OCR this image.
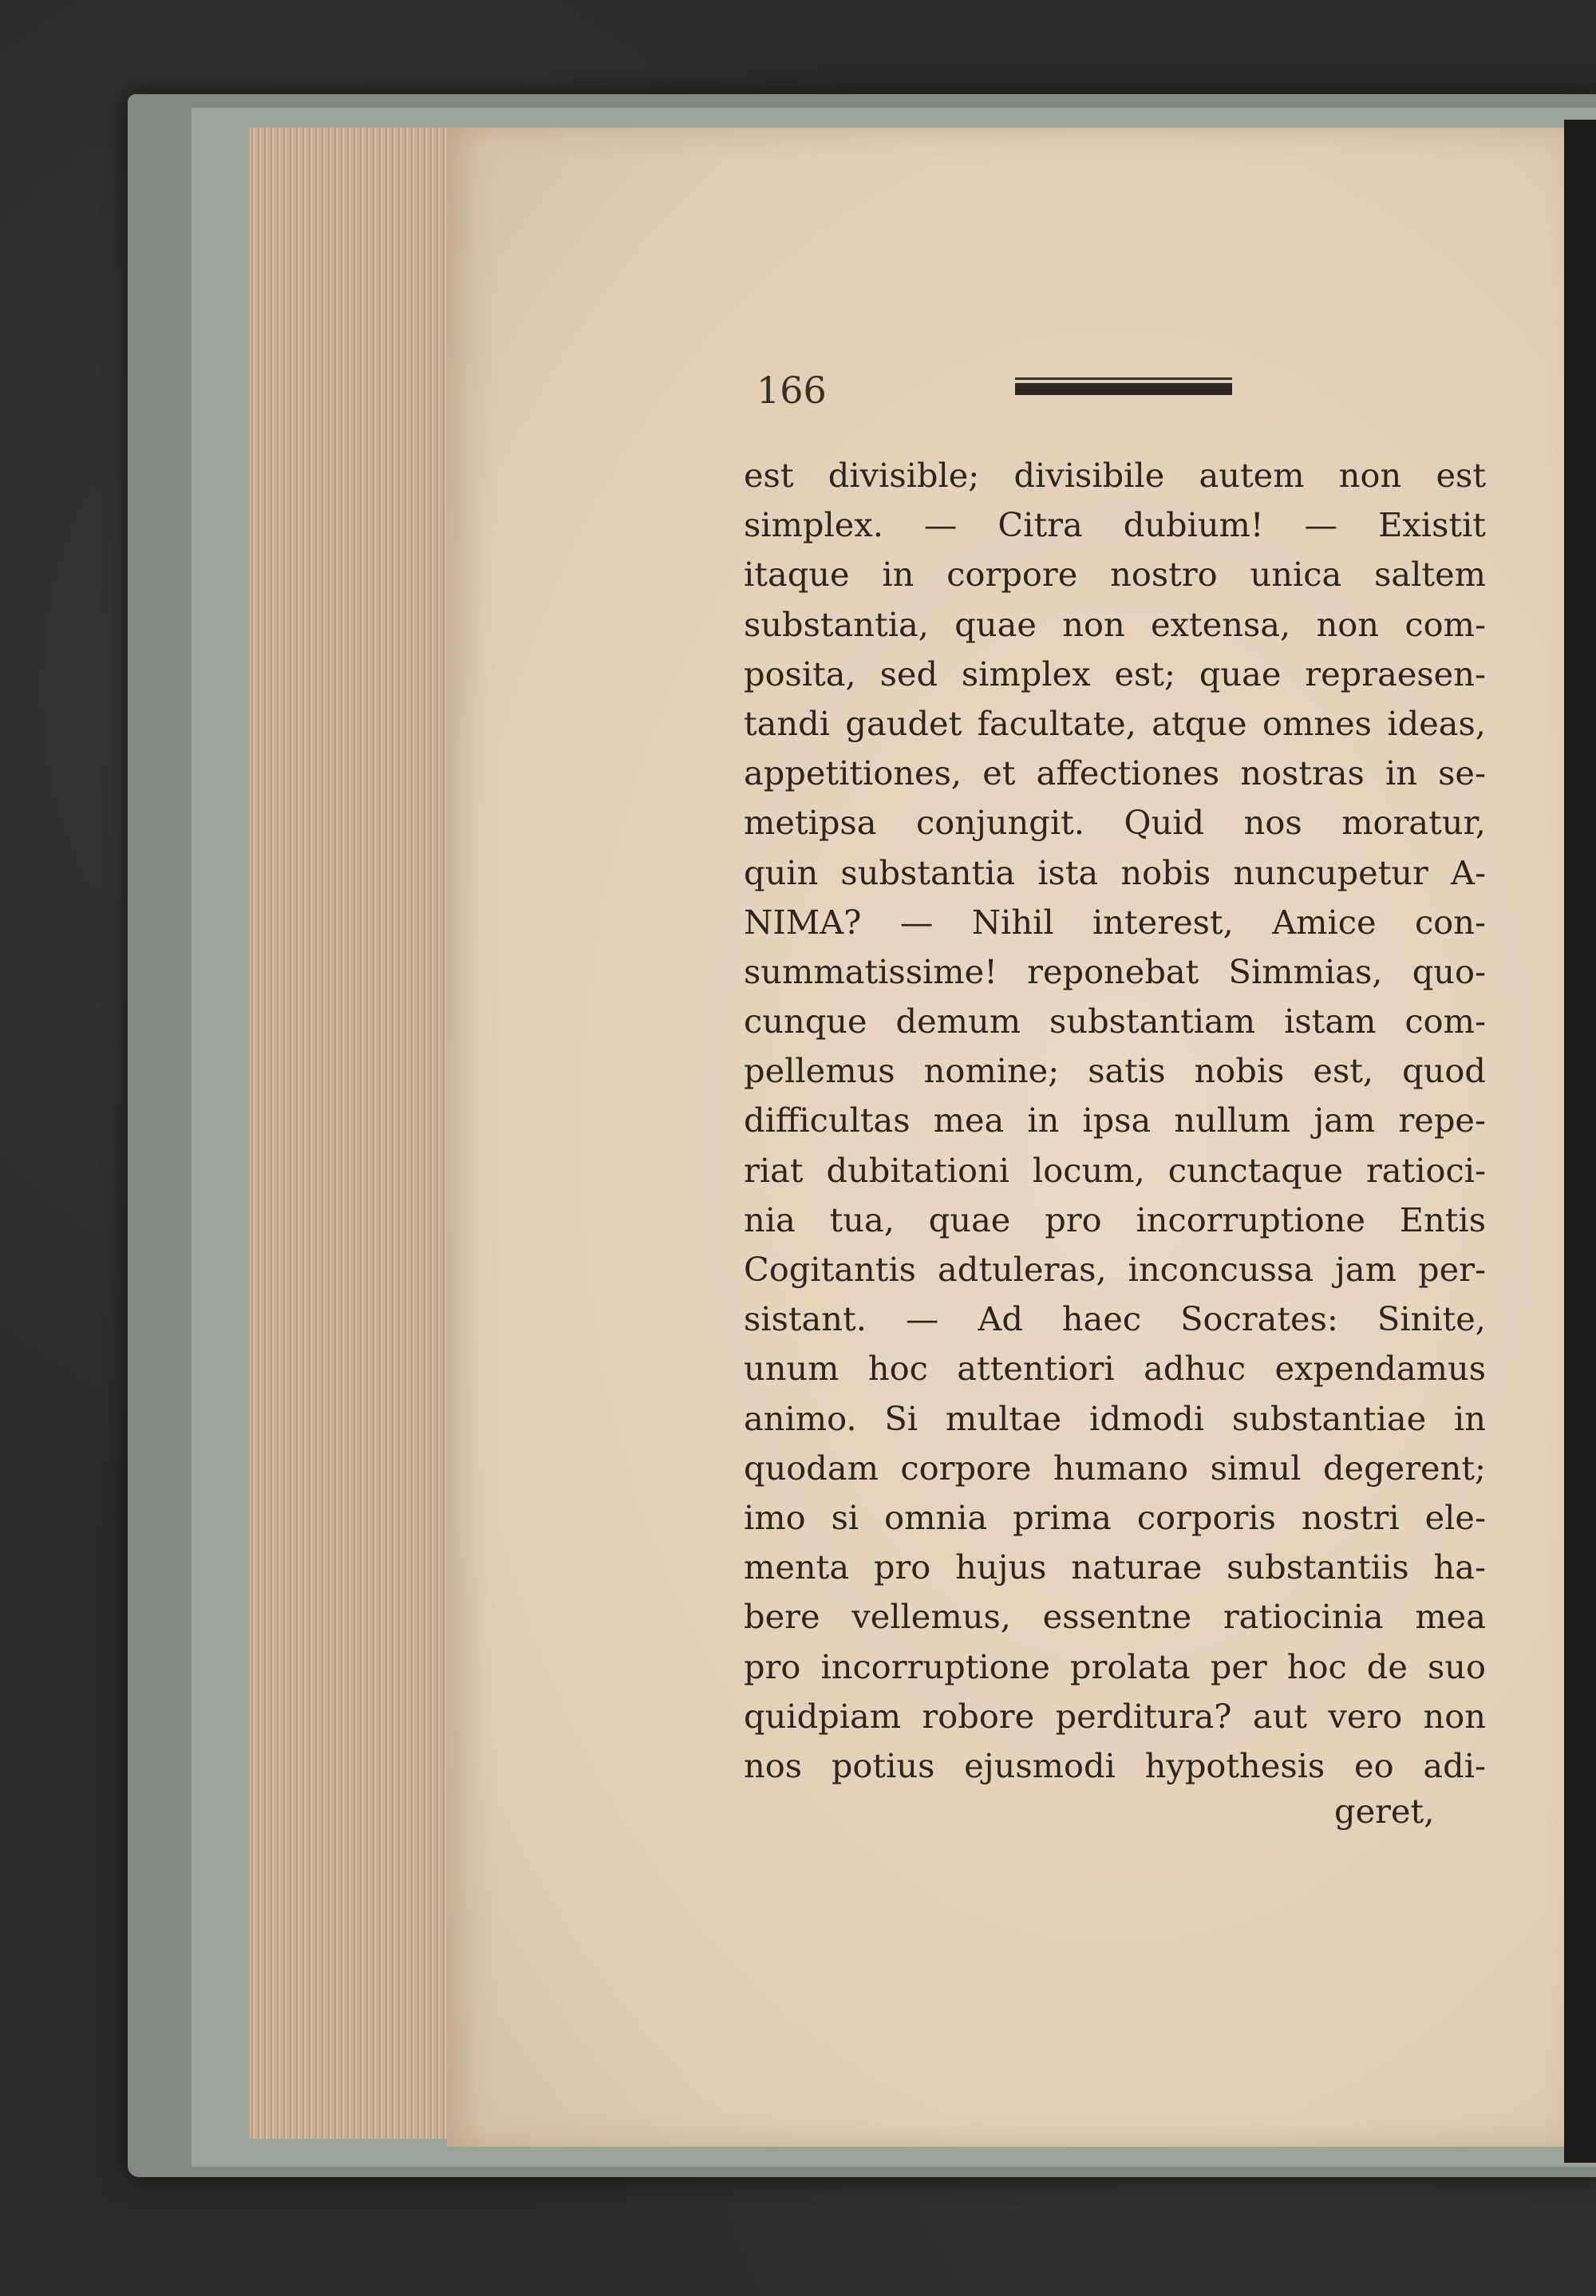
166
est divisible; divisibile autem non est
simplex. — Citra dubium! — Existit
itaque in corpore nostro unica saltem
substantia, quae non extensa, non com-
posita, sed simplex est; quae repraesen-
tandi gaudet facultate, atque omnes ideas,
appetitiones, et affectiones nostras in se-
metipsa conjungit. Quid nos moratur,
quin substantia ista nobis nuncupetur A-
NIMA? — Nihil interest, Amice con-
summatissime! reponebat Simmias, quo-
cunque demum substantiam istam com-
pellemus nomine; satis nobis est, quod
difficultas mea in ipsa nullum jam repe-
riat dubitationi locum, cunctaque ratioci-
nia tua, quae pro incorruptione Entis
Cogitantis adtuleras, inconcussa jam per-
sistant. — Ad haec Socrates: Sinite,
unum hoc attentiori adhuc expendamus
animo. Si multae idmodi substantiae in
quodam corpore humano simul degerent;
imo si omnia prima corporis nostri ele-
menta pro hujus naturae substantiis ha-
bere vellemus, essentne ratiocinia mea
pro incorruptione prolata per hoc de suo
quidpiam robore perditura? aut vero non
nos potius ejusmodi hypothesis eo adi-
geret,
